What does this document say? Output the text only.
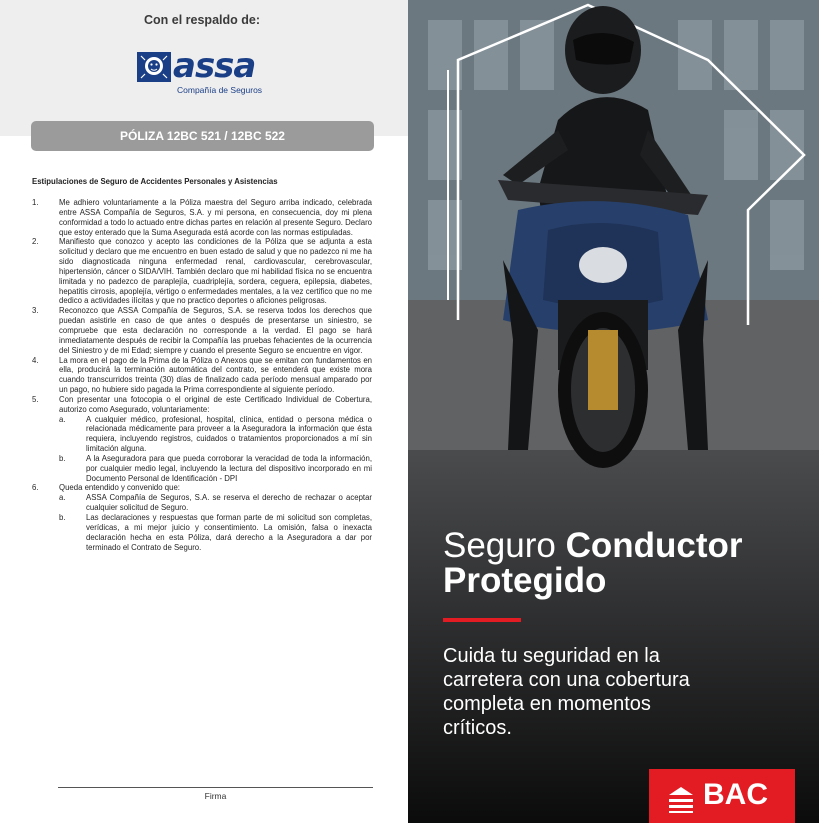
Con el respaldo de:
assa
Compañía de Seguros
PÓLIZA 12BC 521 / 12BC 522
Estipulaciones de Seguro de Accidentes Personales y Asistencias
1.	Me adhiero voluntariamente a la Póliza maestra del Seguro arriba indicado, celebrada entre ASSA Compañía de Seguros, S.A. y mi persona, en consecuencia, doy mi plena conformidad a todo lo actuado entre dichas partes en relación al presente Seguro. Declaro que estoy enterado que la Suma Asegurada está acorde con las normas estipuladas.
2.	Manifiesto que conozco y acepto las condiciones de la Póliza que se adjunta a esta solicitud y declaro que me encuentro en buen estado de salud y que no padezco ni me ha sido diagnosticada ninguna enfermedad renal, cardiovascular, cerebrovascular, hipertensión, cáncer o SIDA/VIH. También declaro que mi habilidad física no se encuentra limitada y no padezco de paraplejía, cuadriplejía, sordera, ceguera, epilepsia, diabetes, hepatitis cirrosis, apoplejía, vértigo o enfermedades mentales, a la vez certifico que no me dedico a actividades ilícitas y que no practico deportes o aficiones peligrosas.
3.	Reconozco que ASSA Compañía de Seguros, S.A. se reserva todos los derechos que puedan asistirle en caso de que antes o después de presentarse un siniestro, se compruebe que esta declaración no corresponde a la verdad. El pago se hará inmediatamente después de recibir la Compañía las pruebas fehacientes de la ocurrencia del Siniestro y de mi Edad; siempre y cuando el presente Seguro se encuentre en vigor.
4.	La mora en el pago de la Prima de la Póliza o Anexos que se emitan con fundamentos en ella, producirá la terminación automática del contrato, se entenderá que existe mora cuando transcurridos treinta (30) días de finalizado cada período mensual amparado por un pago, no hubiere sido pagada la Prima correspondiente al siguiente período.
5.	Con presentar una fotocopia o el original de este Certificado Individual de Cobertura, autorizo como Asegurado, voluntariamente:
a.	A cualquier médico, profesional, hospital, clínica, entidad o persona médica o relacionada médicamente para proveer a la Aseguradora la información que ésta requiera, incluyendo registros, cuidados o tratamientos proporcionados a mí sin limitación alguna.
b.	A la Aseguradora para que pueda corroborar la veracidad de toda la información, por cualquier medio legal, incluyendo la lectura del dispositivo incorporado en mi Documento Personal de Identificación - DPI
6.	Queda entendido y convenido que:
a.	ASSA Compañía de Seguros, S.A. se reserva el derecho de rechazar o aceptar cualquier solicitud de Seguro.
b.	Las declaraciones y respuestas que forman parte de mi solicitud son completas, verídicas, a mi mejor juicio y consentimiento. La omisión, falsa o inexacta declaración hecha en esta Póliza, dará derecho a la Aseguradora a dar por terminado el Contrato de Seguro.
Firma
Seguro Conductor
Protegido
Cuida tu seguridad en la carretera con una cobertura completa en momentos críticos.
BAC
